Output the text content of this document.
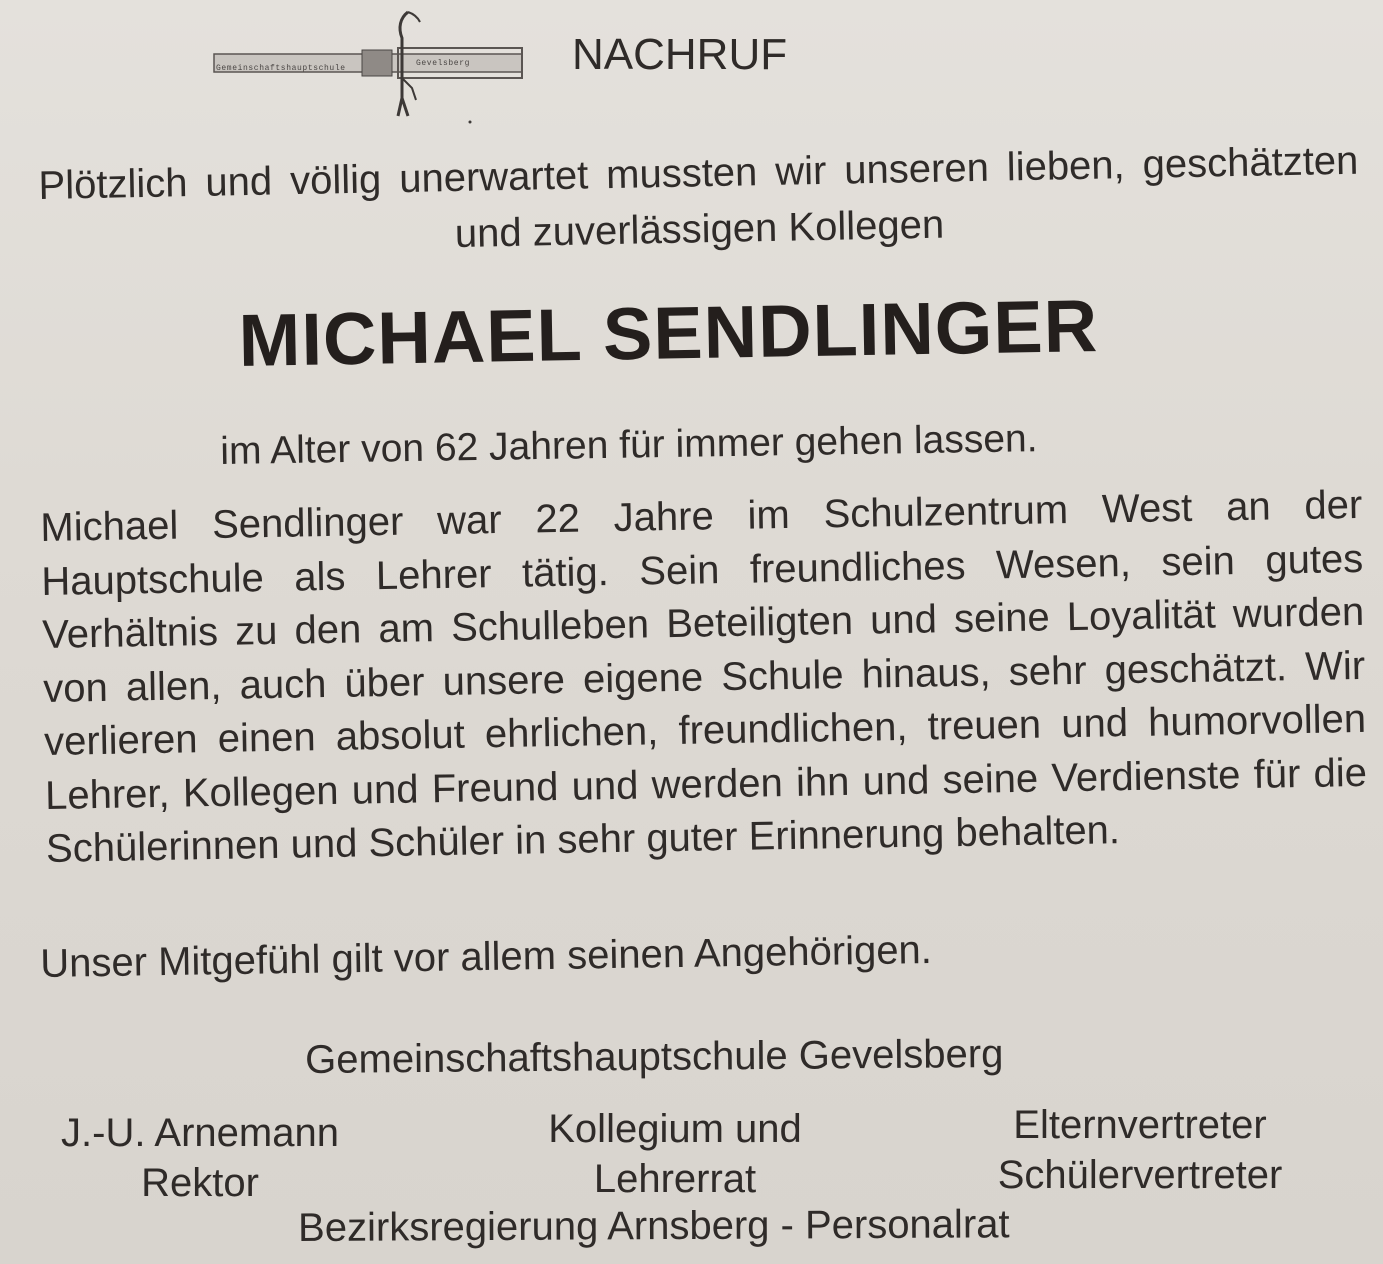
Gemeinschaftshauptschule
Gevelsberg NACHRUF
Plötzlich und völlig unerwartet mussten wir unseren lieben, geschätzten und zuverlässigen Kollegen
MICHAEL SENDLINGER
im Alter von 62 Jahren für immer gehen lassen.
Michael Sendlinger war 22 Jahre im Schulzentrum West an der Hauptschule als Lehrer tätig. Sein freundliches Wesen, sein gutes Verhältnis zu den am Schulleben Beteiligten und seine Loyalität wurden von allen, auch über unsere eigene Schule hinaus, sehr geschätzt. Wir verlieren einen absolut ehrlichen, freundlichen, treuen und humorvollen Lehrer, Kollegen und Freund und werden ihn und seine Verdienste für die Schülerinnen und Schüler in sehr guter Erinnerung behalten.
Unser Mitgefühl gilt vor allem seinen Angehörigen.
Gemeinschaftshauptschule Gevelsberg
J.-U. Arnemann
Rektor
Kollegium und
Lehrerrat
Elternvertreter
Schülervertreter
Bezirksregierung Arnsberg - Personalrat
